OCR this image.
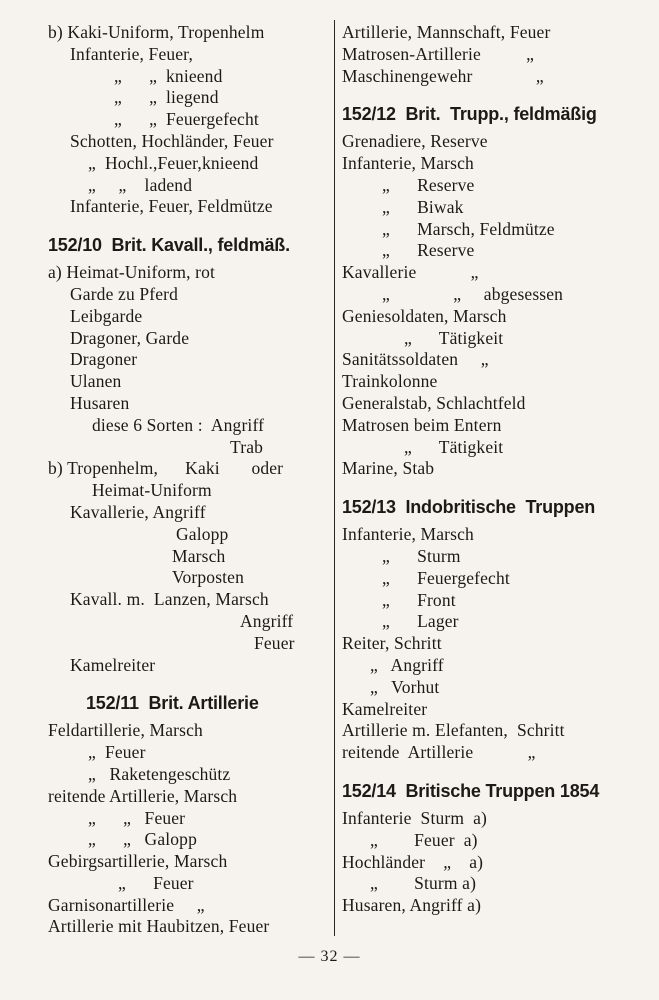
b) Kaki-Uniform, Tropenhelm
Infanterie, Feuer,
„      „  knieend
„      „  liegend
„      „  Feuergefecht
Schotten, Hochländer, Feuer
„  Hochl.,Feuer,knieend
„     „    ladend
Infanterie, Feuer, Feldmütze
152/10  Brit. Kavall., feldmäß.
a) Heimat-Uniform, rot
Garde zu Pferd
Leibgarde
Dragoner, Garde
Dragoner
Ulanen
Husaren
diese 6 Sorten :  Angriff
Trab
b) Tropenhelm,      Kaki       oder
Heimat-Uniform
Kavallerie, Angriff
Galopp
Marsch
Vorposten
Kavall. m.  Lanzen, Marsch
Angriff
Feuer
Kamelreiter
152/11  Brit. Artillerie
Feldartillerie, Marsch
„  Feuer
„   Raketengeschütz
reitende Artillerie, Marsch
„      „   Feuer
„      „   Galopp
Gebirgsartillerie, Marsch
„      Feuer
Garnisonartillerie     „
Artillerie mit Haubitzen, Feuer
Artillerie, Mannschaft, Feuer
Matrosen-Artillerie          „
Maschinengewehr              „
152/12  Brit.  Trupp., feldmäßig
Grenadiere, Reserve
Infanterie, Marsch
„      Reserve
„      Biwak
„      Marsch, Feldmütze
„      Reserve
Kavallerie            „
„              „     abgesessen
Geniesoldaten, Marsch
„      Tätigkeit
Sanitätssoldaten     „
Trainkolonne
Generalstab, Schlachtfeld
Matrosen beim Entern
„      Tätigkeit
Marine, Stab
152/13  Indobritische  Truppen
Infanterie, Marsch
„      Sturm
„      Feuergefecht
„      Front
„      Lager
Reiter, Schritt
„   Angriff
„   Vorhut
Kamelreiter
Artillerie m. Elefanten,  Schritt
reitende  Artillerie            „
152/14  Britische Truppen 1854
Infanterie  Sturm  a)
„        Feuer  a)
Hochländer    „    a)
„        Sturm a)
Husaren, Angriff a)
— 32 —
